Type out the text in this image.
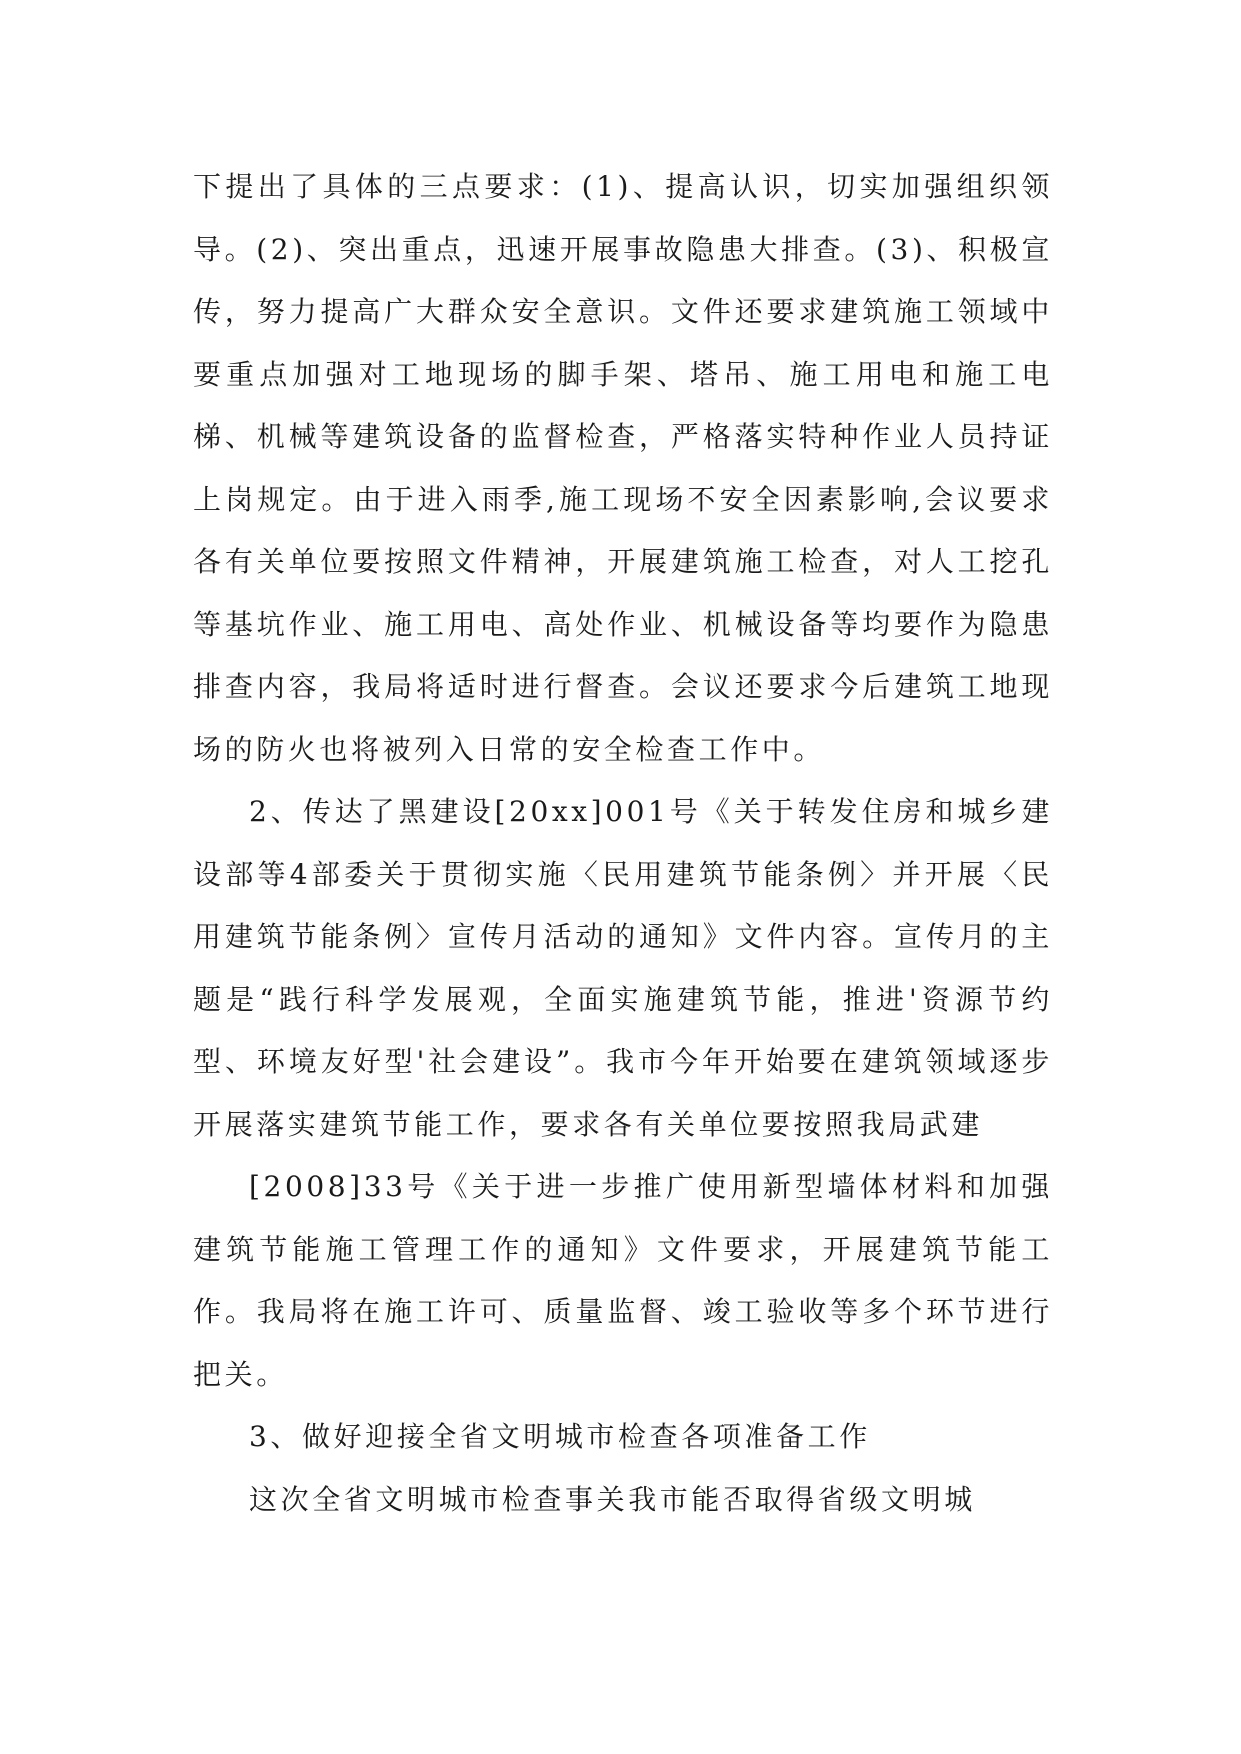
下提出了具体的三点要求：(1)、提高认识，切实加强组织领导。(2)、突出重点，迅速开展事故隐患大排查。(3)、积极宣传，努力提高广大群众安全意识。文件还要求建筑施工领域中要重点加强对工地现场的脚手架、塔吊、施工用电和施工电梯、机械等建筑设备的监督检查，严格落实特种作业人员持证上岗规定。由于进入雨季,施工现场不安全因素影响,会议要求各有关单位要按照文件精神，开展建筑施工检查，对人工挖孔等基坑作业、施工用电、高处作业、机械设备等均要作为隐患排查内容，我局将适时进行督查。会议还要求今后建筑工地现场的防火也将被列入日常的安全检查工作中。

2、传达了黑建设[20xx]001号《关于转发住房和城乡建设部等4部委关于贯彻实施〈民用建筑节能条例〉并开展〈民用建筑节能条例〉宣传月活动的通知》文件内容。宣传月的主题是“践行科学发展观，全面实施建筑节能，推进'资源节约型、环境友好型'社会建设”。我市今年开始要在建筑领域逐步开展落实建筑节能工作，要求各有关单位要按照我局武建

[2008]33号《关于进一步推广使用新型墙体材料和加强建筑节能施工管理工作的通知》文件要求，开展建筑节能工作。我局将在施工许可、质量监督、竣工验收等多个环节进行把关。

3、做好迎接全省文明城市检查各项准备工作

这次全省文明城市检查事关我市能否取得省级文明城
